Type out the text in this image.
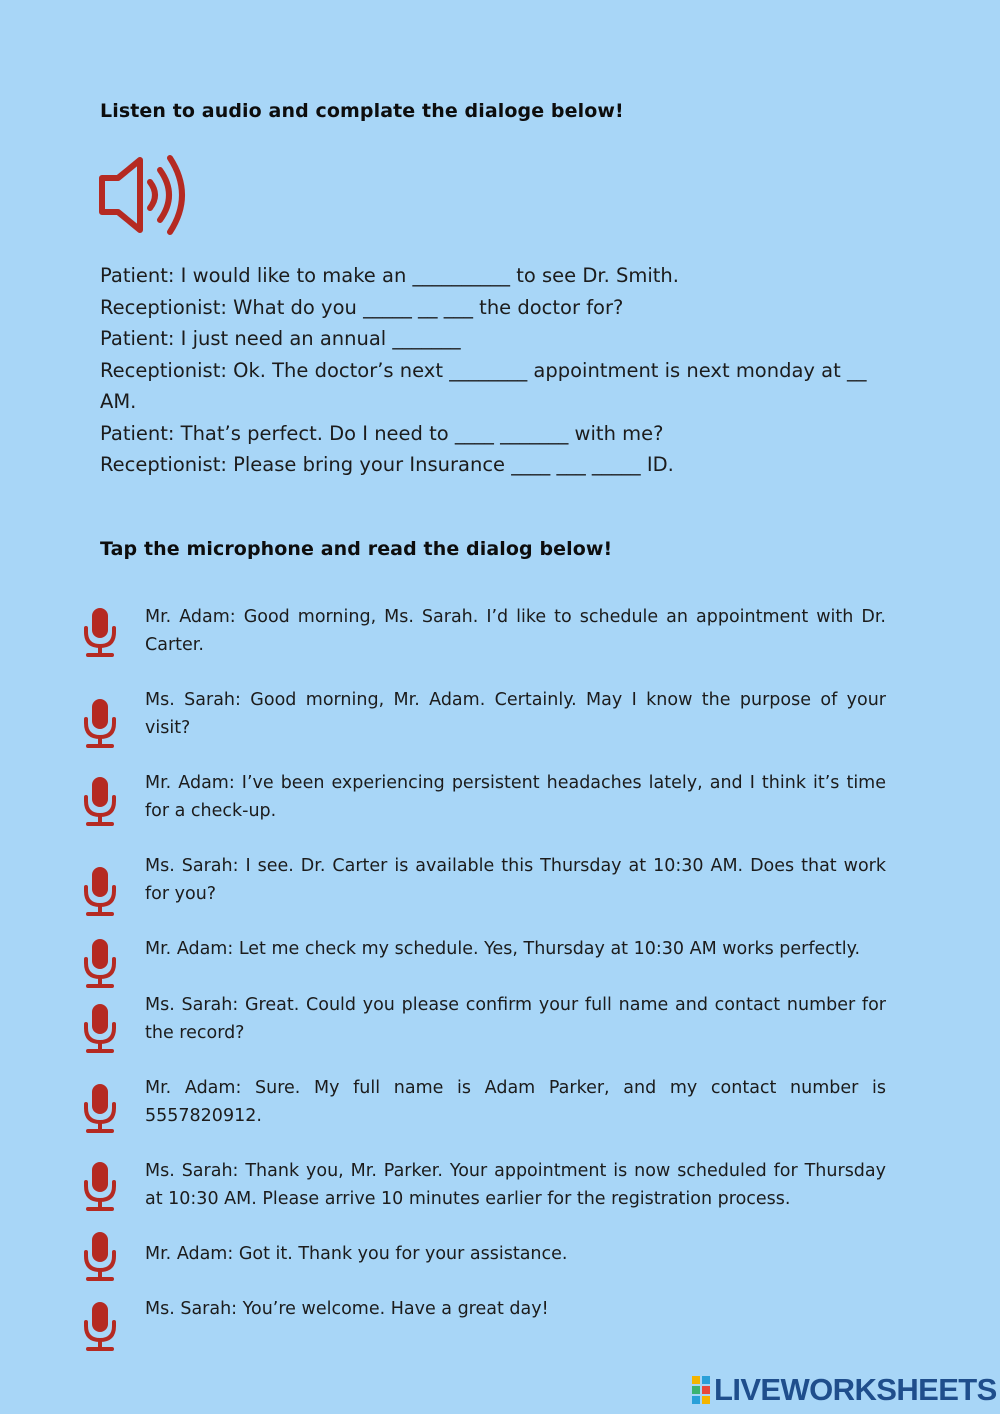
Listen to audio and complate the dialoge below!

Patient: I would like to make an __________ to see Dr. Smith.

Receptionist: What do you _____ __ ___ the doctor for?

Patient: I just need an annual _______

Receptionist: Ok. The doctor’s next ________ appointment is next monday at __ AM.

Patient: That’s perfect. Do I need to ____ _______ with me?

Receptionist: Please bring your Insurance ____ ___ _____ ID.

Tap the microphone and read the dialog below!

Mr. Adam: Good morning, Ms. Sarah. I’d like to schedule an appointment with Dr. Carter.

Ms. Sarah: Good morning, Mr. Adam. Certainly. May I know the purpose of your visit?

Mr. Adam: I’ve been experiencing persistent headaches lately, and I think it’s time for a check-up.

Ms. Sarah: I see. Dr. Carter is available this Thursday at 10:30 AM. Does that work for you?

Mr. Adam: Let me check my schedule. Yes, Thursday at 10:30 AM works perfectly.

Ms. Sarah: Great. Could you please confirm your full name and contact number for the record?

Mr. Adam: Sure. My full name is Adam Parker, and my contact number is 5557820912.

Ms. Sarah: Thank you, Mr. Parker. Your appointment is now scheduled for Thursday at 10:30 AM. Please arrive 10 minutes earlier for the registration process.

Mr. Adam: Got it. Thank you for your assistance.

Ms. Sarah: You’re welcome. Have a great day!

LIVEWORKSHEETS
